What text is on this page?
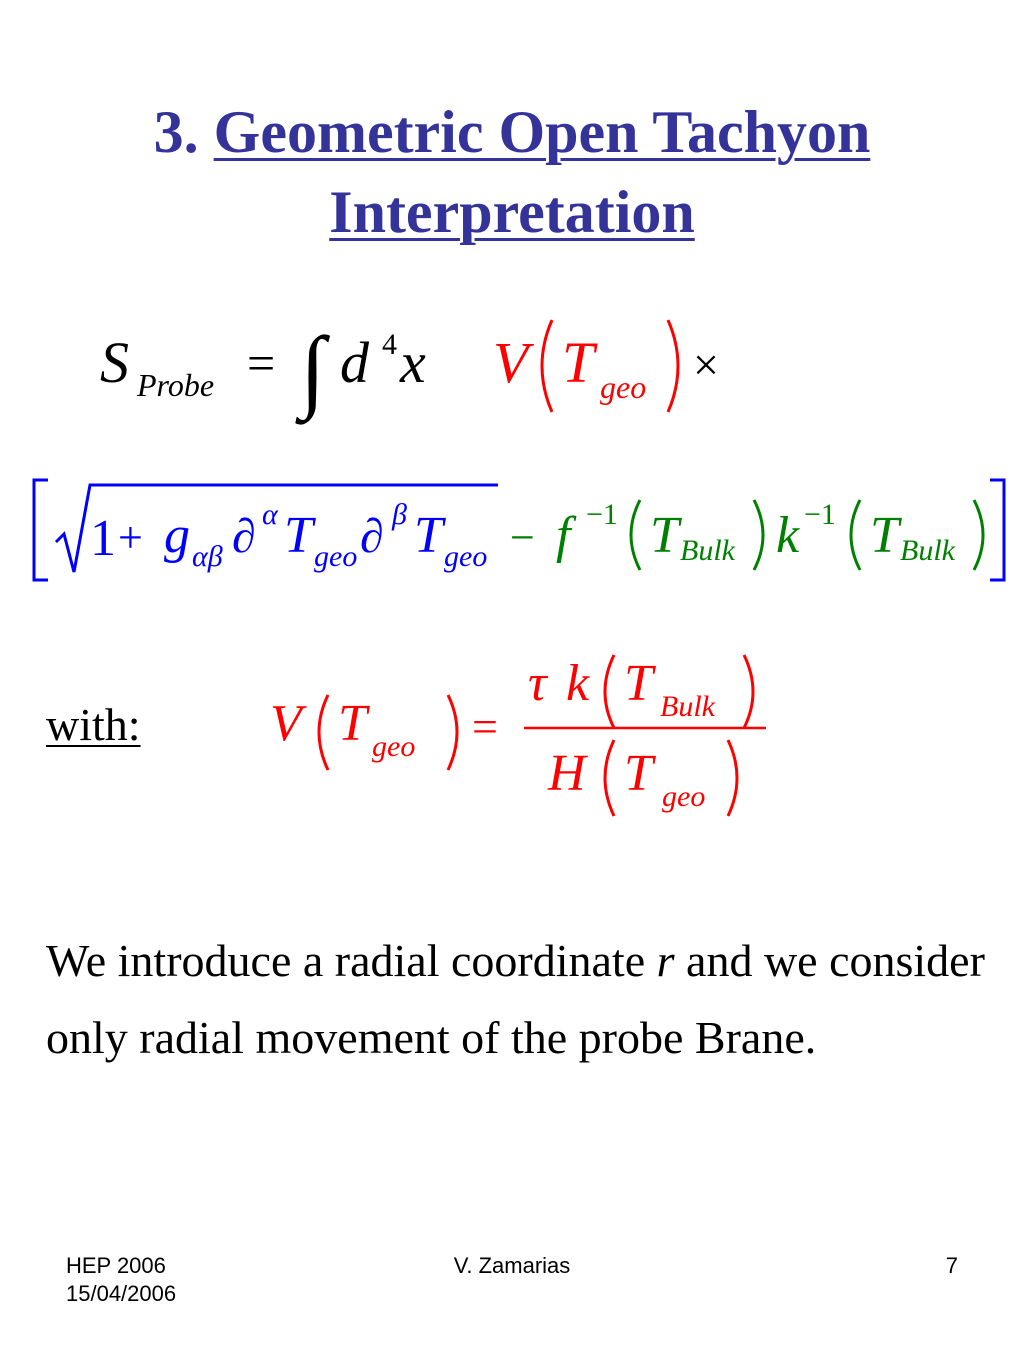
3. Geometric Open Tachyon
Interpretation
S Probe = ∫ d 4 x V T geo ×
1 + g αβ ∂ α T geo ∂ β T geo − f −1 T Bulk k −1 T Bulk
with: V T geo =
τ k T Bulk
H T geo
We introduce a radial coordinate r and we consider only radial movement of the probe Brane.
HEP 2006
15/04/2006
V. Zamarias	7
